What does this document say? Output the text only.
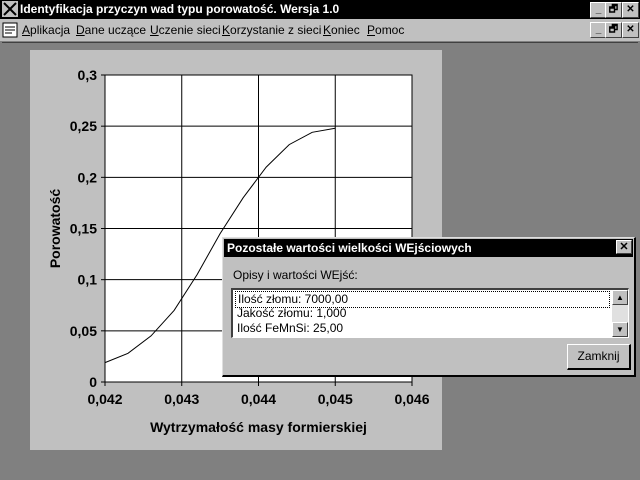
Identyfikacja przyczyn wad typu porowatość. Wersja 1.0	_ 🗗 ✕
Aplikacja Dane uczące Uczenie sieci Korzystanie z sieci Koniec Pomoc	_ 🗗 ✕
0,042	0,043	0,044	0,045	0,046
0
0,05
0,1
0,15
0,2
0,25
0,3
Wytrzymałość masy formierskiej
Porowatość	Pozostałe wartości wielkości WEjściowych	✕
Opisy i wartości WEjść:
Ilość złomu: 7000,00
Jakość złomu: 1,000
Ilość FeMnSi: 25,00
▲
▼
Zamknij
